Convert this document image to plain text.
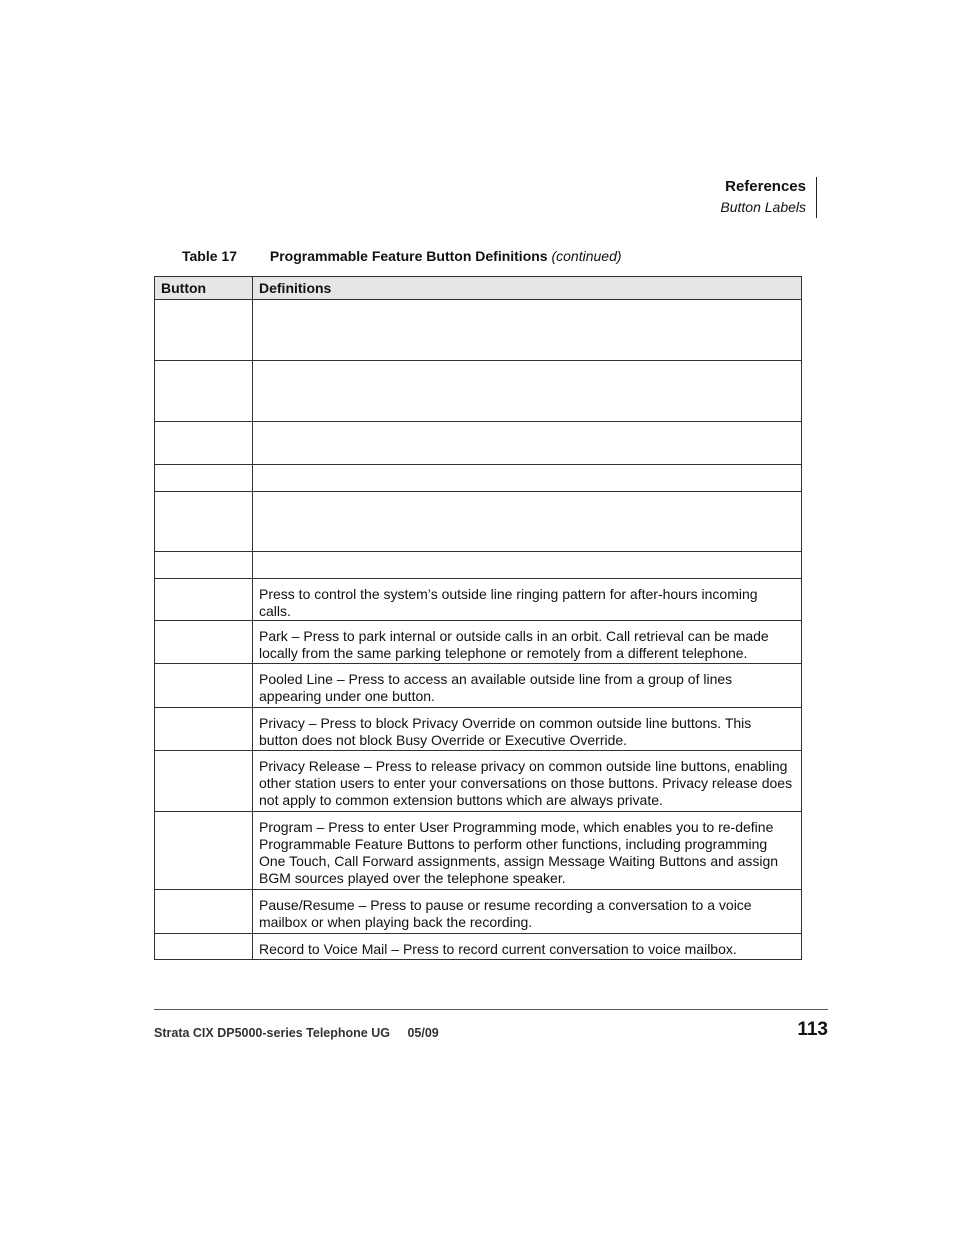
References
Button Labels
Table 17 Programmable Feature Button Definitions (continued)
Button	Definitions

	Press to control the system’s outside line ringing pattern for after-hours incoming calls.
	Park – Press to park internal or outside calls in an orbit. Call retrieval can be made locally from the same parking telephone or remotely from a different telephone.
	Pooled Line – Press to access an available outside line from a group of lines appearing under one button.
	Privacy – Press to block Privacy Override on common outside line buttons. This button does not block Busy Override or Executive Override.
	Privacy Release – Press to release privacy on common outside line buttons, enabling other station users to enter your conversations on those buttons. Privacy release does not apply to common extension buttons which are always private.
	Program – Press to enter User Programming mode, which enables you to re-define Programmable Feature Buttons to perform other functions, including programming One Touch, Call Forward assignments, assign Message Waiting Buttons and assign BGM sources played over the telephone speaker.
	Pause/Resume – Press to pause or resume recording a conversation to a voice mailbox or when playing back the recording.
	Record to Voice Mail – Press to record current conversation to voice mailbox.
Strata CIX DP5000-series Telephone UG 05/09	113
